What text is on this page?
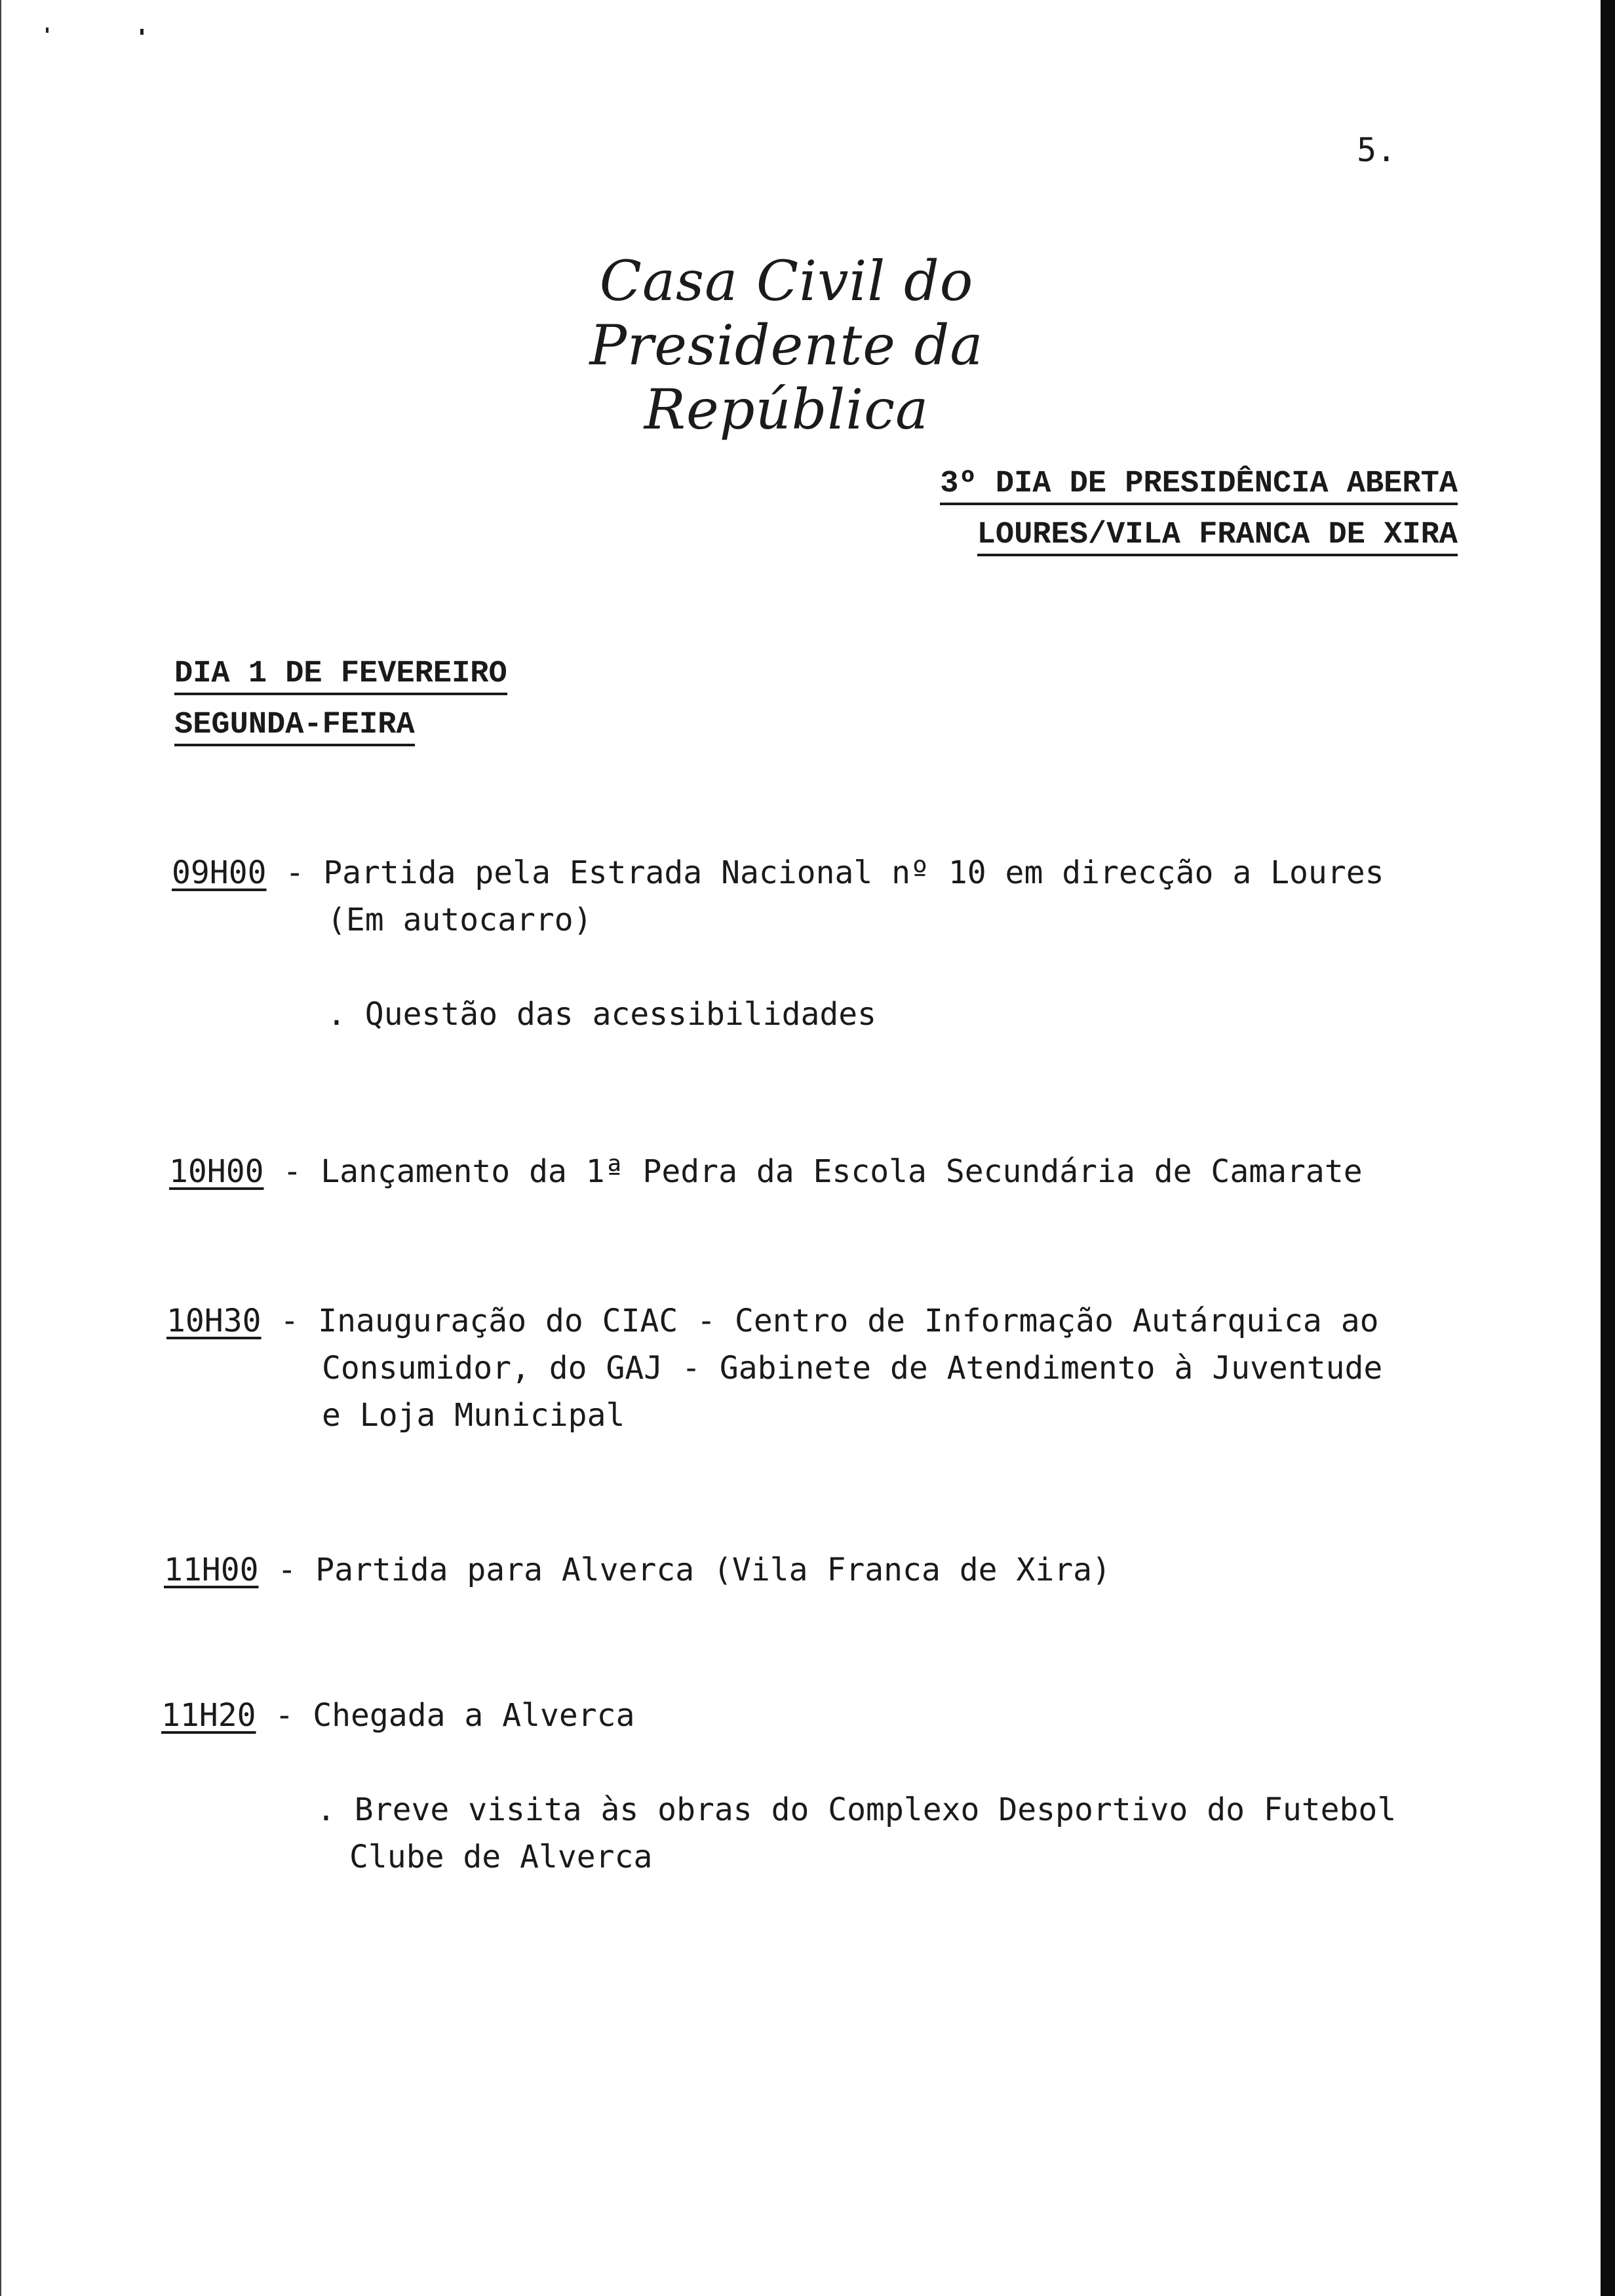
5.
Casa Civil do Presidente da República
3º DIA DE PRESIDÊNCIA ABERTA
LOURES/VILA FRANCA DE XIRA
DIA 1 DE FEVEREIRO
SEGUNDA-FEIRA
09H00 - Partida pela Estrada Nacional nº 10 em direcção a Loures
(Em autocarro)
. Questão das acessibilidades
10H00 - Lançamento da 1ª Pedra da Escola Secundária de Camarate
10H30 - Inauguração do CIAC - Centro de Informação Autárquica ao
Consumidor, do GAJ - Gabinete de Atendimento à Juventude
e Loja Municipal
11H00 - Partida para Alverca (Vila Franca de Xira)
11H20 - Chegada a Alverca
. Breve visita às obras do Complexo Desportivo do Futebol
Clube de Alverca
